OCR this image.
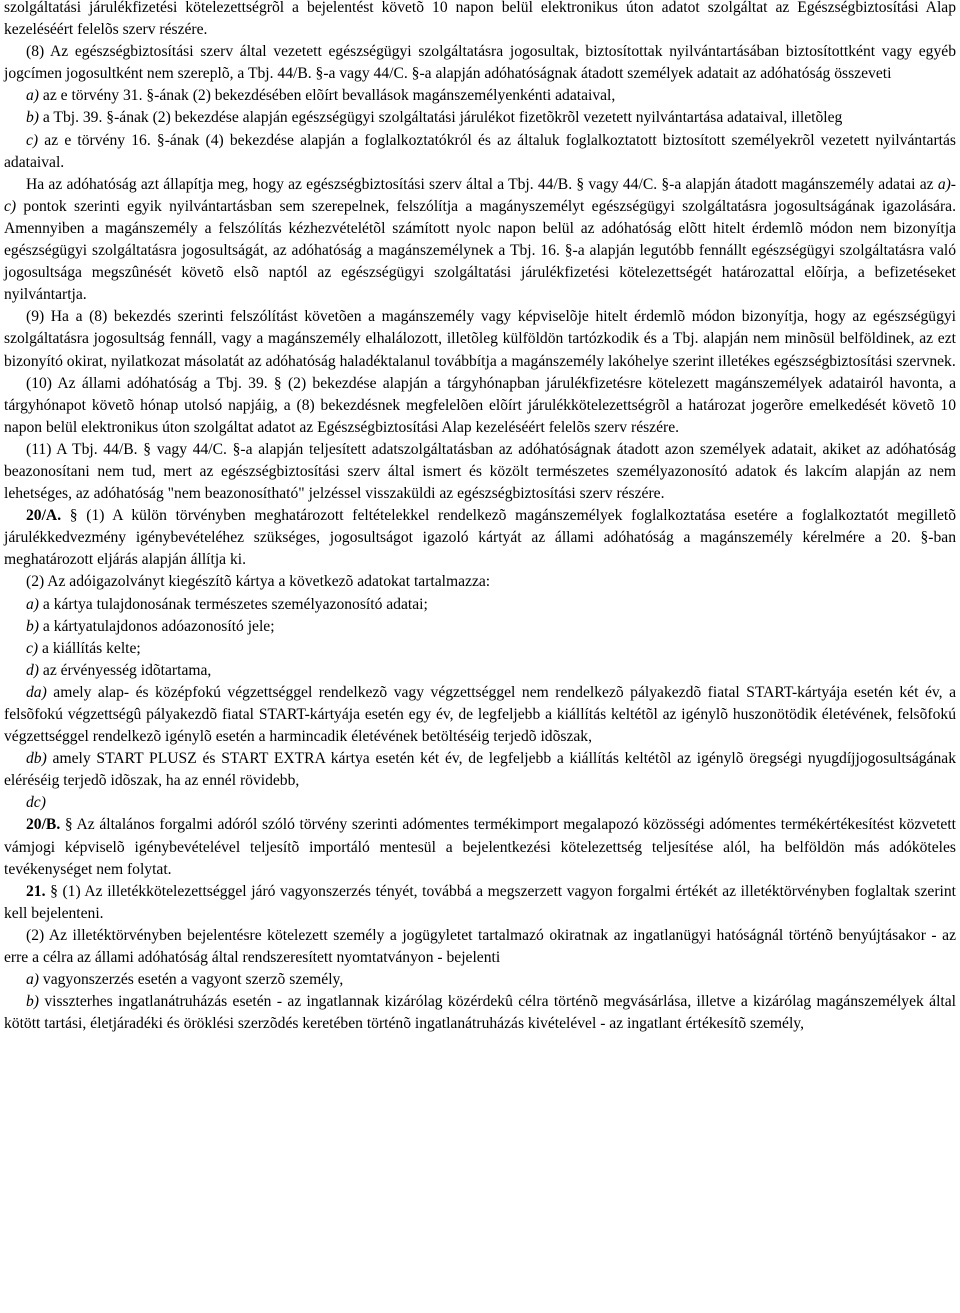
szolgáltatási járulékfizetési kötelezettségrõl a bejelentést követõ 10 napon belül elektronikus úton adatot szolgáltat az Egészségbiztosítási Alap kezeléséért felelõs szerv részére.

(8) Az egészségbiztosítási szerv által vezetett egészségügyi szolgáltatásra jogosultak, biztosítottak nyilvántartásában biztosítottként vagy egyéb jogcímen jogosultként nem szereplõ, a Tbj. 44/B. §-a vagy 44/C. §-a alapján adóhatóságnak átadott személyek adatait az adóhatóság összeveti

a) az e törvény 31. §-ának (2) bekezdésében elõírt bevallások magánszemélyenkénti adataival,

b) a Tbj. 39. §-ának (2) bekezdése alapján egészségügyi szolgáltatási járulékot fizetõkrõl vezetett nyilvántartása adataival, illetõleg

c) az e törvény 16. §-ának (4) bekezdése alapján a foglalkoztatókról és az általuk foglalkoztatott biztosított személyekrõl vezetett nyilvántartás adataival.

Ha az adóhatóság azt állapítja meg, hogy az egészségbiztosítási szerv által a Tbj. 44/B. § vagy 44/C. §-a alapján átadott magánszemély adatai az a)-c) pontok szerinti egyik nyilvántartásban sem szerepelnek, felszólítja a magányszemélyt egészségügyi szolgáltatásra jogosultságának igazolására. Amennyiben a magánszemély a felszólítás kézhezvételétõl számított nyolc napon belül az adóhatóság elõtt hitelt érdemlõ módon nem bizonyítja egészségügyi szolgáltatásra jogosultságát, az adóhatóság a magánszemélynek a Tbj. 16. §-a alapján legutóbb fennállt egészségügyi szolgáltatásra való jogosultsága megszûnését követõ elsõ naptól az egészségügyi szolgáltatási járulékfizetési kötelezettségét határozattal elõírja, a befizetéseket nyilvántartja.

(9) Ha a (8) bekezdés szerinti felszólítást követõen a magánszemély vagy képviselõje hitelt érdemlõ módon bizonyítja, hogy az egészségügyi szolgáltatásra jogosultság fennáll, vagy a magánszemély elhalálozott, illetõleg külföldön tartózkodik és a Tbj. alapján nem minõsül belföldinek, az ezt bizonyító okirat, nyilatkozat másolatát az adóhatóság haladéktalanul továbbítja a magánszemély lakóhelye szerint illetékes egészségbiztosítási szervnek.

(10) Az állami adóhatóság a Tbj. 39. § (2) bekezdése alapján a tárgyhónapban járulékfizetésre kötelezett magánszemélyek adatairól havonta, a tárgyhónapot követõ hónap utolsó napjáig, a (8) bekezdésnek megfelelõen elõírt járulékkötelezettségrõl a határozat jogerõre emelkedését követõ 10 napon belül elektronikus úton szolgáltat adatot az Egészségbiztosítási Alap kezeléséért felelõs szerv részére.

(11) A Tbj. 44/B. § vagy 44/C. §-a alapján teljesített adatszolgáltatásban az adóhatóságnak átadott azon személyek adatait, akiket az adóhatóság beazonosítani nem tud, mert az egészségbiztosítási szerv által ismert és közölt természetes személyazonosító adatok és lakcím alapján az nem lehetséges, az adóhatóság "nem beazonosítható" jelzéssel visszaküldi az egészségbiztosítási szerv részére.

20/A. § (1) A külön törvényben meghatározott feltételekkel rendelkezõ magánszemélyek foglalkoztatása esetére a foglalkoztatót megilletõ járulékkedvezmény igénybevételéhez szükséges, jogosultságot igazoló kártyát az állami adóhatóság a magánszemély kérelmére a 20. §-ban meghatározott eljárás alapján állítja ki.

(2) Az adóigazolványt kiegészítõ kártya a következõ adatokat tartalmazza:

a) a kártya tulajdonosának természetes személyazonosító adatai;

b) a kártyatulajdonos adóazonosító jele;

c) a kiállítás kelte;

d) az érvényesség idõtartama,

da) amely alap- és középfokú végzettséggel rendelkezõ vagy végzettséggel nem rendelkezõ pályakezdõ fiatal START-kártyája esetén két év, a felsõfokú végzettségû pályakezdõ fiatal START-kártyája esetén egy év, de legfeljebb a kiállítás keltétõl az igénylõ huszonötödik életévének, felsõfokú végzettséggel rendelkezõ igénylõ esetén a harmincadik életévének betöltéséig terjedõ idõszak,

db) amely START PLUSZ és START EXTRA kártya esetén két év, de legfeljebb a kiállítás keltétõl az igénylõ öregségi nyugdíjjogosultságának eléréséig terjedõ idõszak, ha az ennél rövidebb,

dc)

20/B. § Az általános forgalmi adóról szóló törvény szerinti adómentes termékimport megalapozó közösségi adómentes termékértékesítést közvetett vámjogi képviselõ igénybevételével teljesítõ importáló mentesül a bejelentkezési kötelezettség teljesítése alól, ha belföldön más adóköteles tevékenységet nem folytat.

21. § (1) Az illetékkötelezettséggel járó vagyonszerzés tényét, továbbá a megszerzett vagyon forgalmi értékét az illetéktörvényben foglaltak szerint kell bejelenteni.

(2) Az illetéktörvényben bejelentésre kötelezett személy a jogügyletet tartalmazó okiratnak az ingatlanügyi hatóságnál történõ benyújtásakor - az erre a célra az állami adóhatóság által rendszeresített nyomtatványon - bejelenti

a) vagyonszerzés esetén a vagyont szerzõ személy,

b) visszterhes ingatlanátruházás esetén - az ingatlannak kizárólag közérdekû célra történõ megvásárlása, illetve a kizárólag magánszemélyek által kötött tartási, életjáradéki és öröklési szerzõdés keretében történõ ingatlanátruházás kivételével - az ingatlant értékesítõ személy,
